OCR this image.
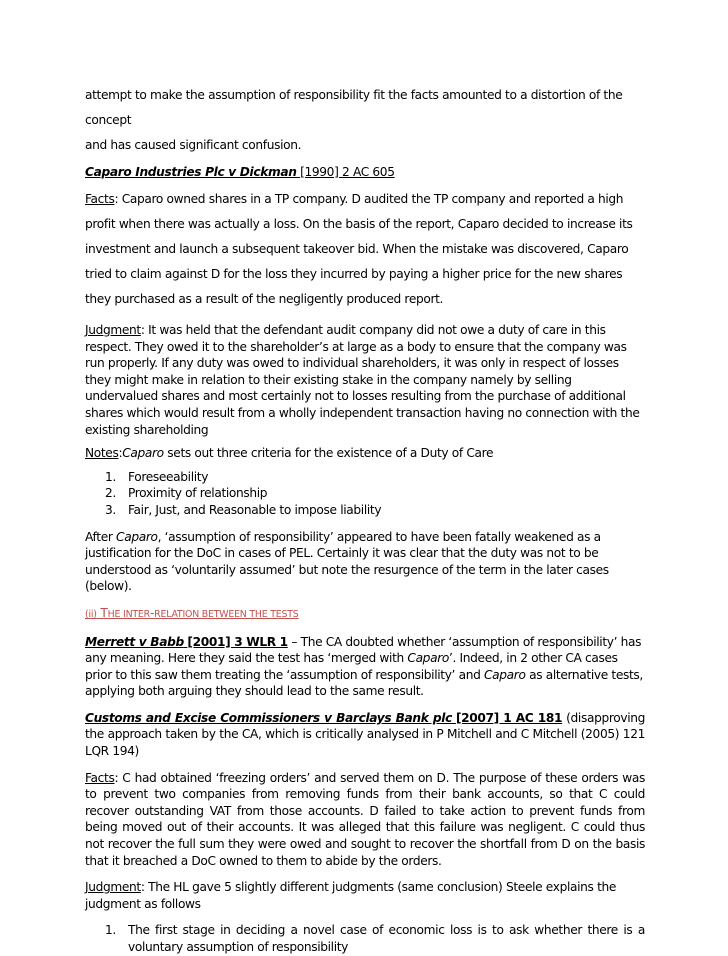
attempt to make the assumption of responsibility fit the facts amounted to a distortion of the concept
and has caused significant confusion.

Caparo Industries Plc v Dickman [1990] 2 AC 605

Facts: Caparo owned shares in a TP company. D audited the TP company and reported a high profit when there was actually a loss. On the basis of the report, Caparo decided to increase its investment and launch a subsequent takeover bid. When the mistake was discovered, Caparo tried to claim against D for the loss they incurred by paying a higher price for the new shares they purchased as a result of the negligently produced report.

Judgment: It was held that the defendant audit company did not owe a duty of care in this respect. They owed it to the shareholder’s at large as a body to ensure that the company was run properly. If any duty was owed to individual shareholders, it was only in respect of losses they might make in relation to their existing stake in the company namely by selling undervalued shares and most certainly not to losses resulting from the purchase of additional shares which would result from a wholly independent transaction having no connection with the existing shareholding

Notes:Caparo sets out three criteria for the existence of a Duty of Care

1. Foreseeability
2. Proximity of relationship
3. Fair, Just, and Reasonable to impose liability

After Caparo, ‘assumption of responsibility’ appeared to have been fatally weakened as a justification for the DoC in cases of PEL. Certainly it was clear that the duty was not to be understood as ‘voluntarily assumed’ but note the resurgence of the term in the later cases (below).

(ii) THE INTER-RELATION BETWEEN THE TESTS

Merrett v Babb [2001] 3 WLR 1 – The CA doubted whether ‘assumption of responsibility’ has any meaning. Here they said the test has ‘merged with Caparo’. Indeed, in 2 other CA cases prior to this saw them treating the ‘assumption of responsibility’ and Caparo as alternative tests, applying both arguing they should lead to the same result.

Customs and Excise Commissioners v Barclays Bank plc [2007] 1 AC 181 (disapproving the approach taken by the CA, which is critically analysed in P Mitchell and C Mitchell (2005) 121 LQR 194)

Facts: C had obtained ‘freezing orders’ and served them on D. The purpose of these orders was to prevent two companies from removing funds from their bank accounts, so that C could recover outstanding VAT from those accounts. D failed to take action to prevent funds from being moved out of their accounts. It was alleged that this failure was negligent. C could thus not recover the full sum they were owed and sought to recover the shortfall from D on the basis that it breached a DoC owned to them to abide by the orders.

Judgment: The HL gave 5 slightly different judgments (same conclusion) Steele explains the judgment as follows

1. The first stage in deciding a novel case of economic loss is to ask whether there is a voluntary assumption of responsibility
